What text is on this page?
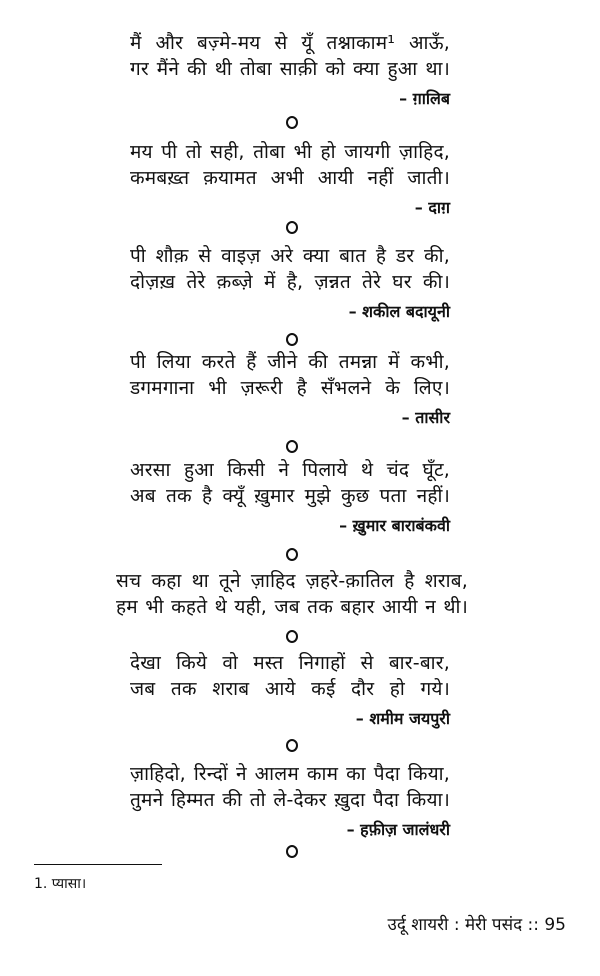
मैं और बज़्मे-मय से यूँ तश्नाकाम¹ आऊँ,
गर मैंने की थी तोबा साक़ी को क्या हुआ था।
– ग़ालिब
मय पी तो सही, तोबा भी हो जायगी ज़ाहिद,
कमबख़्त क़यामत अभी आयी नहीं जाती।
– दाग़
पी शौक़ से वाइज़ अरे क्या बात है डर की,
दोज़ख़ तेरे क़ब्ज़े में है, ज़न्नत तेरे घर की।
– शकील बदायूनी
पी लिया करते हैं जीने की तमन्ना में कभी,
डगमगाना भी ज़रूरी है सँभलने के लिए।
– तासीर
अरसा हुआ किसी ने पिलाये थे चंद घूँट,
अब तक है क्यूँ ख़ुमार मुझे कुछ पता नहीं।
– ख़ुमार बाराबंकवी
सच कहा था तूने ज़ाहिद ज़हरे-क़ातिल है शराब,
हम भी कहते थे यही, जब तक बहार आयी न थी।
देखा किये वो मस्त निगाहों से बार-बार,
जब तक शराब आये कई दौर हो गये।
– शमीम जयपुरी
ज़ाहिदो, रिन्दों ने आलम काम का पैदा किया,
तुमने हिम्मत की तो ले-देकर ख़ुदा पैदा किया।
– हफ़ीज़ जालंधरी
1. प्यासा।
उर्दू शायरी : मेरी पसंद :: 95
